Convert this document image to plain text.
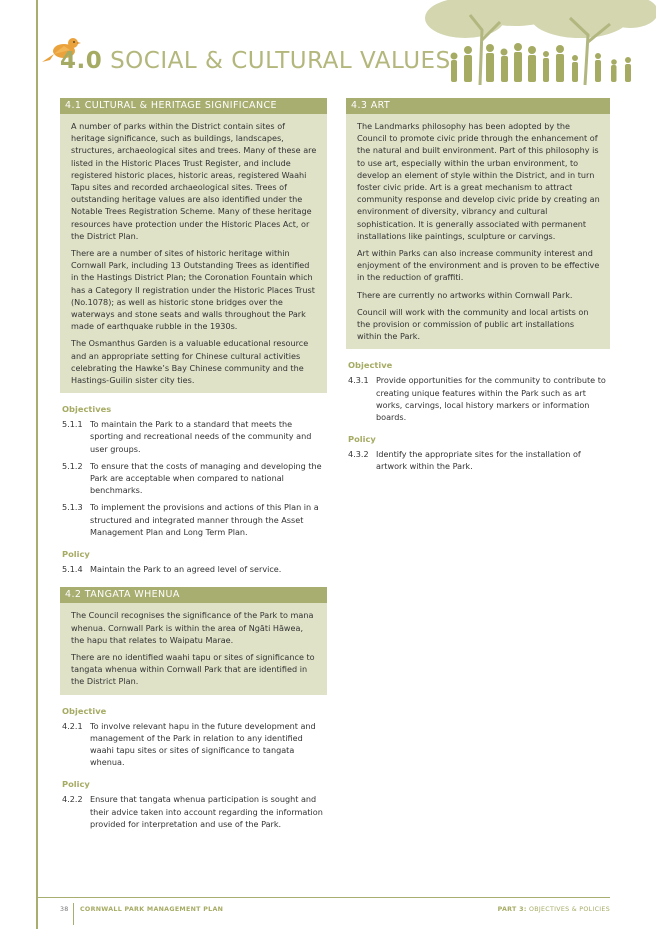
4.0 SOCIAL & CULTURAL VALUES
4.1 CULTURAL & HERITAGE SIGNIFICANCE

A number of parks within the District contain sites of heritage significance, such as buildings, landscapes, structures, archaeological sites and trees. Many of these are listed in the Historic Places Trust Register, and include registered historic places, historic areas, registered Waahi Tapu sites and recorded archaeological sites. Trees of outstanding heritage values are also identified under the Notable Trees Registration Scheme. Many of these heritage resources have protection under the Historic Places Act, or the District Plan.

There are a number of sites of historic heritage within Cornwall Park, including 13 Outstanding Trees as identified in the Hastings District Plan; the Coronation Fountain which has a Category II registration under the Historic Places Trust (No.1078); as well as historic stone bridges over the waterways and stone seats and walls throughout the Park made of earthquake rubble in the 1930s.

The Osmanthus Garden is a valuable educational resource and an appropriate setting for Chinese cultural activities celebrating the Hawke’s Bay Chinese community and the Hastings-Guilin sister city ties.

Objectives
5.1.1 To maintain the Park to a standard that meets the sporting and recreational needs of the community and user groups.
5.1.2 To ensure that the costs of managing and developing the Park are acceptable when compared to national benchmarks.
5.1.3 To implement the provisions and actions of this Plan in a structured and integrated manner through the Asset Management Plan and Long Term Plan.
Policy
5.1.4 Maintain the Park to an agreed level of service.
4.2 TANGATA WHENUA

The Council recognises the significance of the Park to mana whenua. Cornwall Park is within the area of Ngāti Hāwea, the hapu that relates to Waipatu Marae.

There are no identified waahi tapu or sites of significance to tangata whenua within Cornwall Park that are identified in the District Plan.

Objective
4.2.1 To involve relevant hapu in the future development and management of the Park in relation to any identified waahi tapu sites or sites of significance to tangata whenua.
Policy
4.2.2 Ensure that tangata whenua participation is sought and their advice taken into account regarding the information provided for interpretation and use of the Park.
4.3 ART

The Landmarks philosophy has been adopted by the Council to promote civic pride through the enhancement of the natural and built environment. Part of this philosophy is to use art, especially within the urban environment, to develop an element of style within the District, and in turn foster civic pride. Art is a great mechanism to attract community response and develop civic pride by creating an environment of diversity, vibrancy and cultural sophistication. It is generally associated with permanent installations like paintings, sculpture or carvings.

Art within Parks can also increase community interest and enjoyment of the environment and is proven to be effective in the reduction of graffiti.

There are currently no artworks within Cornwall Park.

Council will work with the community and local artists on the provision or commission of public art installations within the Park.

Objective
4.3.1 Provide opportunities for the community to contribute to creating unique features within the Park such as art works, carvings, local history markers or information boards.
Policy
4.3.2 Identify the appropriate sites for the installation of artwork within the Park.
38 CORNWALL PARK MANAGEMENT PLAN	PART 3: OBJECTIVES & POLICIES
